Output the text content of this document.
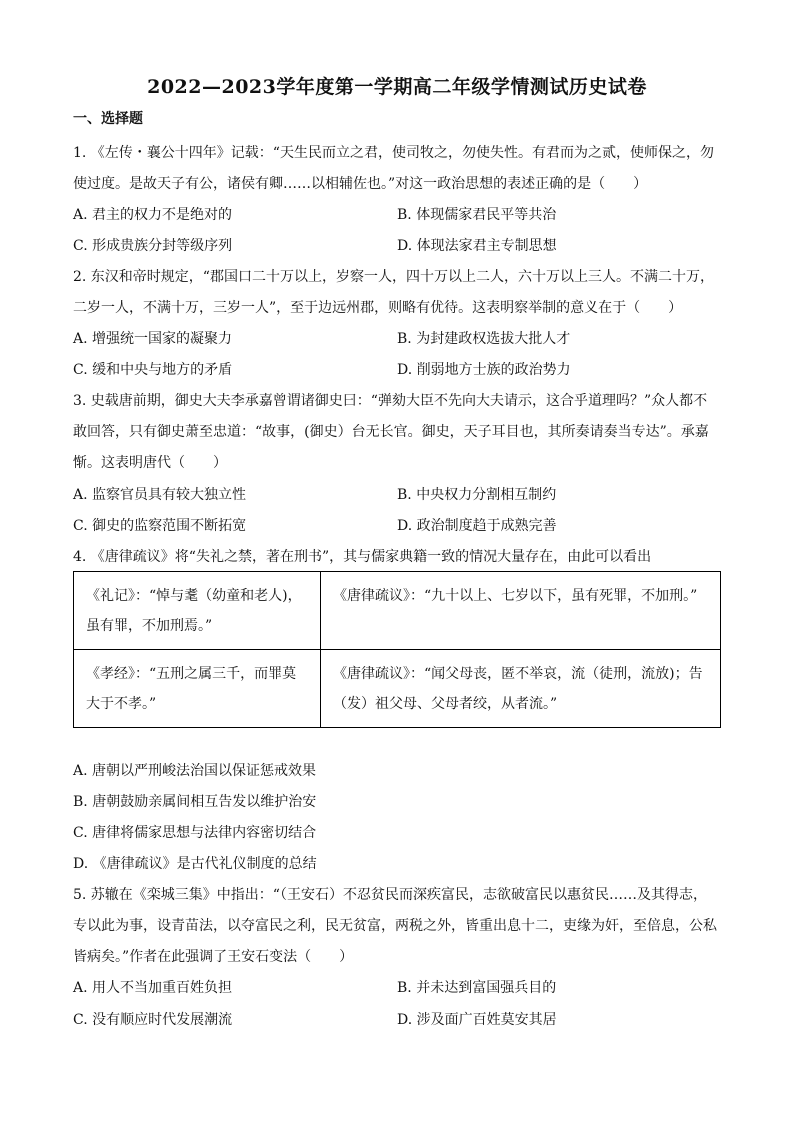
2022—2023学年度第一学期高二年级学情测试历史试卷
一、选择题
1. 《左传・襄公十四年》记载：“天生民而立之君，使司牧之，勿使失性。有君而为之贰，使师保之，勿
使过度。是故天子有公，诸侯有卿……以相辅佐也。”对这一政治思想的表述正确的是（　　）
A. 君主的权力不是绝对的	B. 体现儒家君民平等共治
C. 形成贵族分封等级序列	D. 体现法家君主专制思想
2. 东汉和帝时规定，“郡国口二十万以上，岁察一人，四十万以上二人，六十万以上三人。不满二十万，
二岁一人，不满十万，三岁一人”，至于边远州郡，则略有优待。这表明察举制的意义在于（　　）
A. 增强统一国家的凝聚力	B. 为封建政权选拔大批人才
C. 缓和中央与地方的矛盾	D. 削弱地方士族的政治势力
3. 史载唐前期，御史大夫李承嘉曾谓诸御史曰：“弹劾大臣不先向大夫请示，这合乎道理吗？”众人都不
敢回答，只有御史萧至忠道：“故事，(御史）台无长官。御史，天子耳目也，其所奏请奏当专达”。承嘉
惭。这表明唐代（　　）
A. 监察官员具有较大独立性	B. 中央权力分割相互制约
C. 御史的监察范围不断拓宽	D. 政治制度趋于成熟完善
4. 《唐律疏议》将“失礼之禁，著在刑书”，其与儒家典籍一致的情况大量存在，由此可以看出
《礼记》：“悼与耄（幼童和老人)，虽有罪，不加刑焉。”	《唐律疏议》：“九十以上、七岁以下，虽有死罪，不加刑。”
《孝经》：“五刑之属三千，而罪莫大于不孝。”	《唐律疏议》：“闻父母丧，匿不举哀，流（徒刑，流放)；告（发）祖父母、父母者绞，从者流。”
A. 唐朝以严刑峻法治国以保证惩戒效果
B. 唐朝鼓励亲属间相互告发以维护治安
C. 唐律将儒家思想与法律内容密切结合
D. 《唐律疏议》是古代礼仪制度的总结
5. 苏辙在《栾城三集》中指出：“（王安石）不忍贫民而深疾富民，志欲破富民以惠贫民……及其得志，
专以此为事，设青苗法，以夺富民之利，民无贫富，两税之外，皆重出息十二，吏缘为奸，至倍息，公私
皆病矣。”作者在此强调了王安石变法（　　）
A. 用人不当加重百姓负担	B. 并未达到富国强兵目的
C. 没有顺应时代发展潮流	D. 涉及面广百姓莫安其居
